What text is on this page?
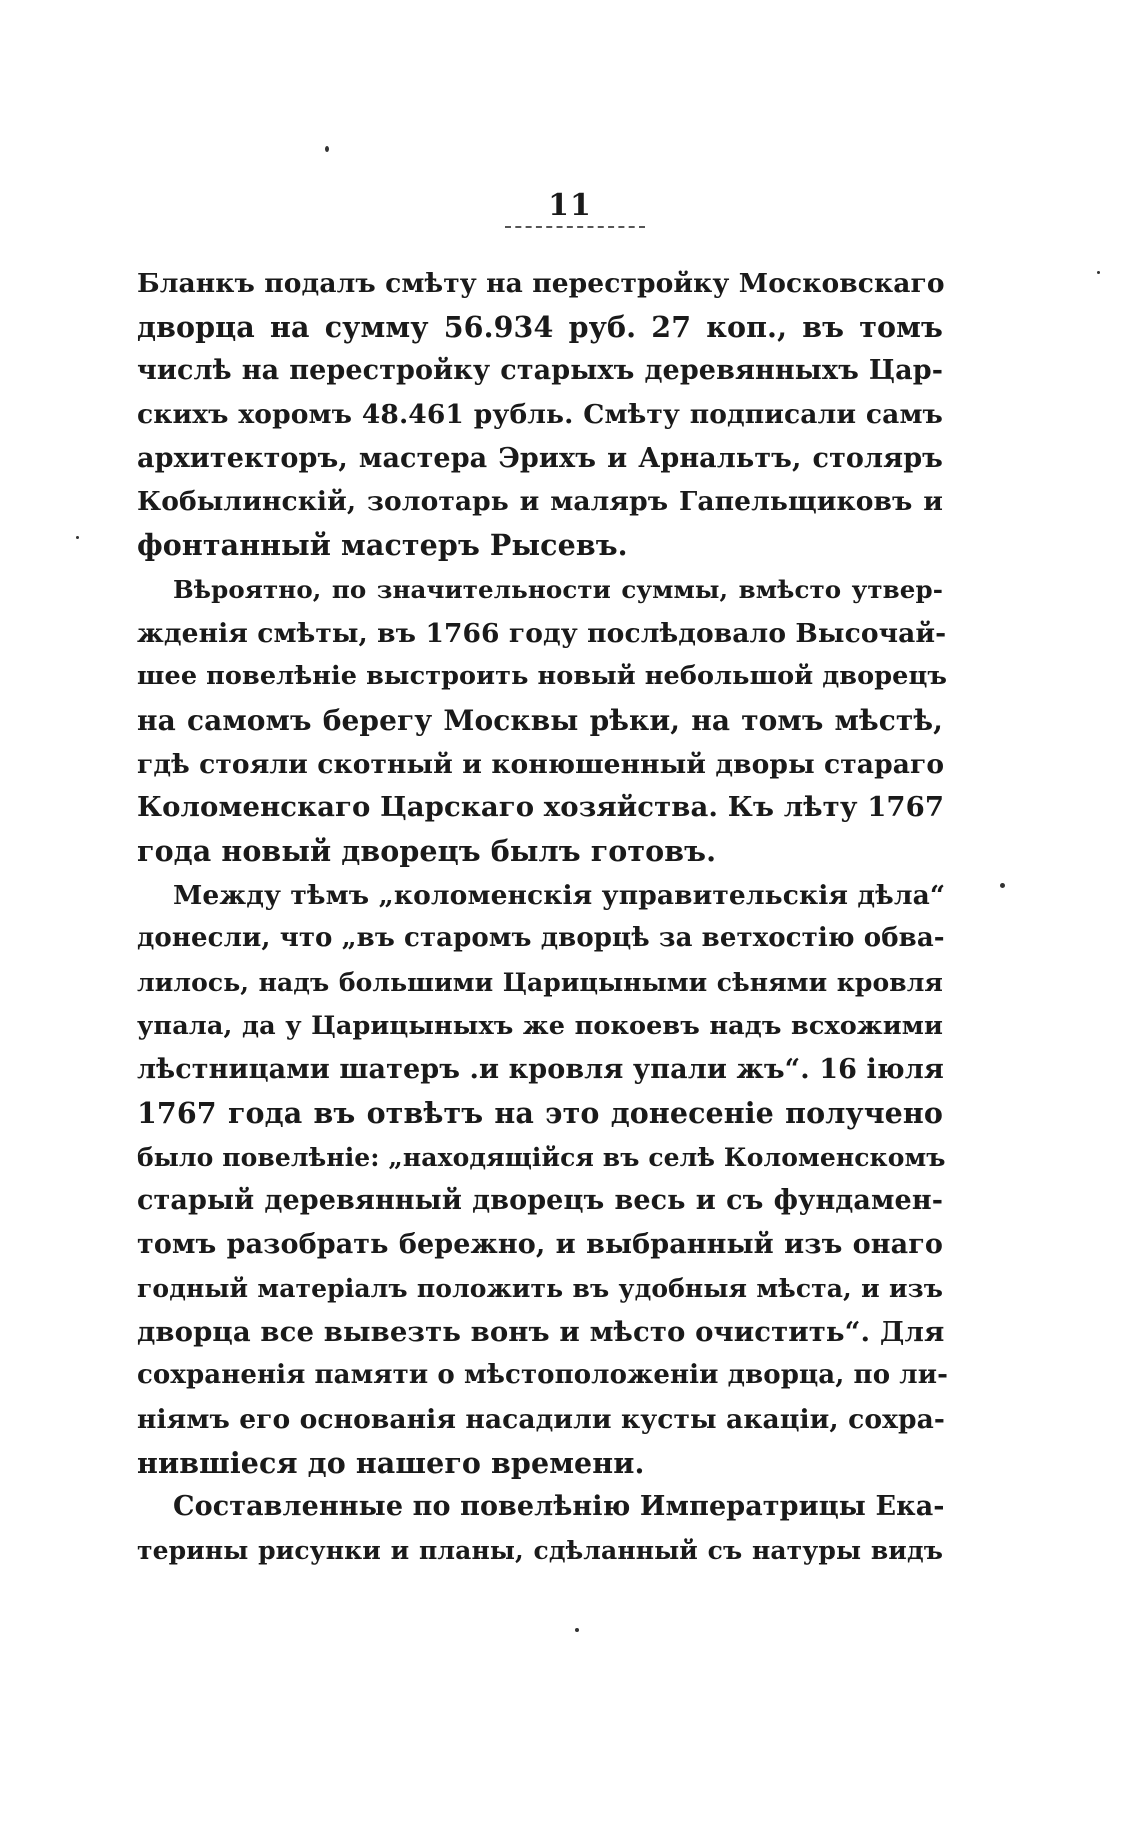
11
Бланкъ подалъ смѣту на перестройку Московскаго
дворца на сумму 56.934 руб. 27 коп., въ томъ
числѣ на перестройку старыхъ деревянныхъ Цар-
скихъ хоромъ 48.461 рубль. Смѣту подписали самъ
архитекторъ, мастера Эрихъ и Арнальтъ, столяръ
Кобылинскій, золотарь и маляръ Гапельщиковъ и
фонтанный мастеръ Рысевъ.
Вѣроятно, по значительности суммы, вмѣсто утвер-
жденія смѣты, въ 1766 году послѣдовало Высочай-
шее повелѣніе выстроить новый небольшой дворецъ
на самомъ берегу Москвы рѣки, на томъ мѣстѣ,
гдѣ стояли скотный и конюшенный дворы стараго
Коломенскаго Царскаго хозяйства. Къ лѣту 1767
года новый дворецъ былъ готовъ.
Между тѣмъ „коломенскія управительскія дѣла“
донесли, что „въ старомъ дворцѣ за ветхостію обва-
лилось, надъ большими Царицыными сѣнями кровля
упала, да у Царицыныхъ же покоевъ надъ всхожими
лѣстницами шатеръ .и кровля упали жъ“. 16 іюля
1767 года въ отвѣтъ на это донесеніе получено
было повелѣніе: „находящійся въ селѣ Коломенскомъ
старый деревянный дворецъ весь и съ фундамен-
томъ разобрать бережно, и выбранный изъ онаго
годный матеріалъ положить въ удобныя мѣста, и изъ
дворца все вывезть вонъ и мѣсто очистить“. Для
сохраненія памяти о мѣстоположеніи дворца, по ли-
ніямъ его основанія насадили кусты акаціи, сохра-
нившіеся до нашего времени.
Составленные по повелѣнію Императрицы Ека-
терины рисунки и планы, сдѣланный съ натуры видъ
